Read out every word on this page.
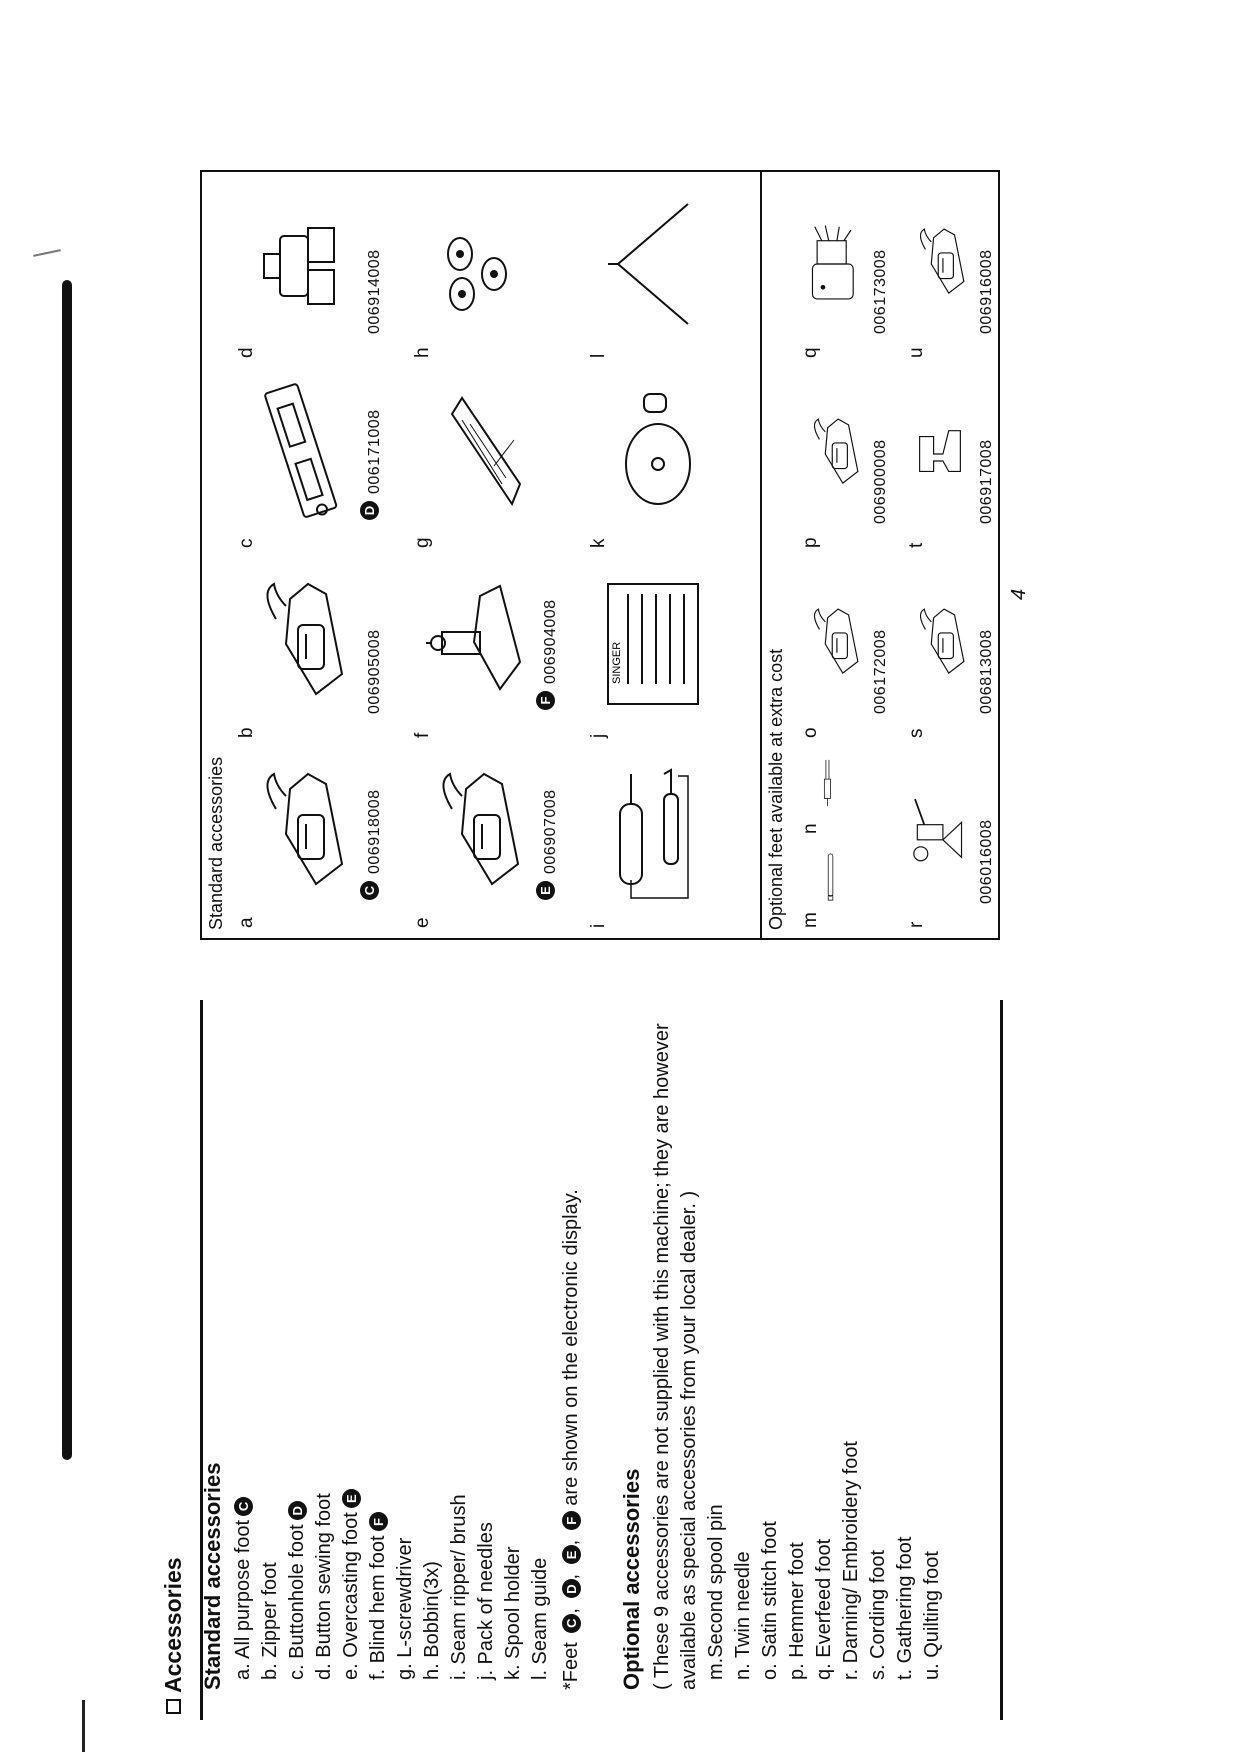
Accessories Standard accessories a. All purpose footC
b. Zipper foot c. Buttonhole footD d. Button sewing foot e. Overcasting footE
f. Blind hem footF
g. L-screwdriver h. Bobbin(3x) i. Seam ripper/ brush j. Pack of needles k. Spool holder l. Seam guide *Feet C, D, E, F are shown on the electronic display.
Optional accessories ( These 9 accessories are not supplied with this machine; they are however available as special accessories from your local dealer. ) m.Second spool pin n. Twin needle o. Satin stitch foot p. Hemmer foot q. Everfeed foot r. Darning/ Embroidery foot s. Cording foot t. Gathering foot u. Quilting foot
Standard accessories	Optional feet available at extra cost
a
C
006918008
b
006905008
c
D
006171008
d
006914008
e
E
006907008
f
F
006904008
g
h
i
j
SINGER
k
l
m
n
o
006172008
p
006900008
q
006173008
r
006016008
s
006813008
t
006917008
u
006916008
4
